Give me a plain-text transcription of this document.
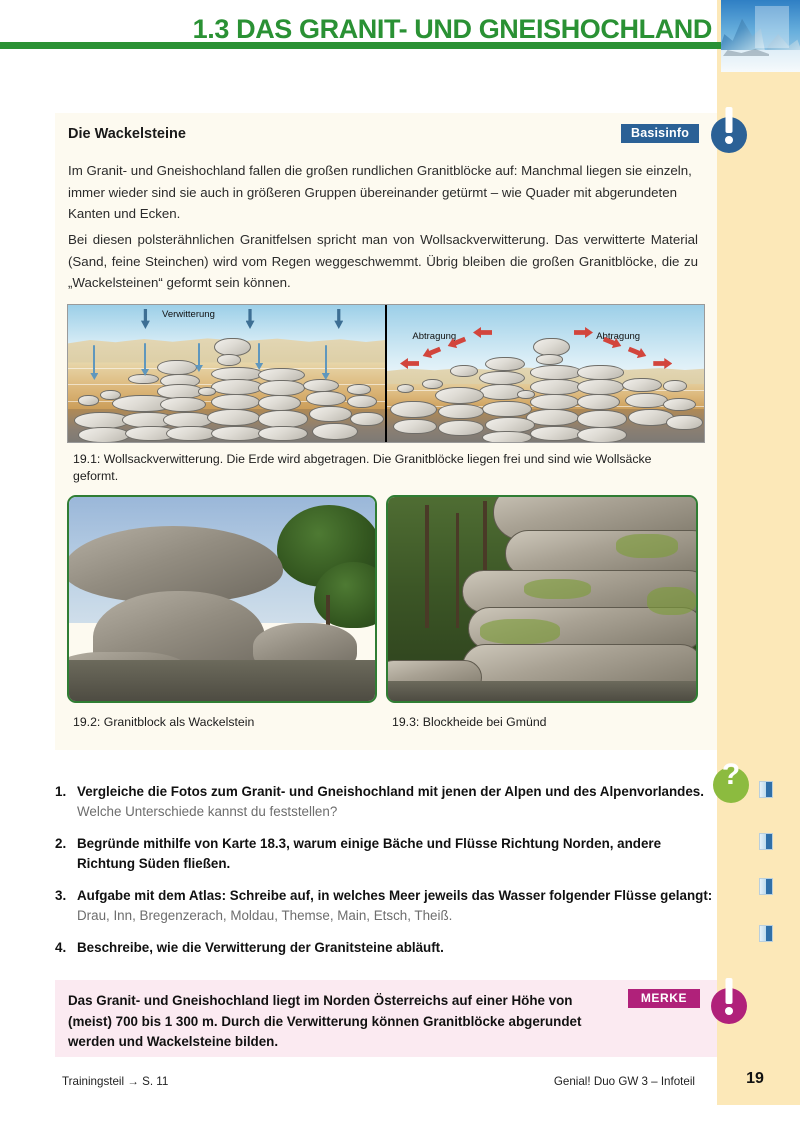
1.3 DAS GRANIT- UND GNEISHOCHLAND
Die Wackelsteine	Basisinfo
Im Granit- und Gneishochland fallen die großen rundlichen Granitblöcke auf: Manchmal liegen sie einzeln, immer wieder sind sie auch in größeren Gruppen übereinander getürmt – wie Quader mit abgerundeten Kanten und Ecken.
Bei diesen polsterähnlichen Granitfelsen spricht man von Wollsackverwitterung. Das verwitterte Material (Sand, feine Steinchen) wird vom Regen weggeschwemmt. Übrig bleiben die großen Granitblöcke, die zu „Wackelsteinen“ geformt sein können.
Verwitterung
Abtragung	Abtragung
19.1: Wollsackverwitterung. Die Erde wird abgetragen. Die Granitblöcke liegen frei und sind wie Wollsäcke geformt.
19.2: Granitblock als Wackelstein	19.3: Blockheide bei Gmünd
1. Vergleiche die Fotos zum Granit- und Gneishochland mit jenen der Alpen und des Alpenvorlandes. Welche Unterschiede kannst du feststellen?
2. Begründe mithilfe von Karte 18.3, warum einige Bäche und Flüsse Richtung Norden, andere Richtung Süden fließen.
3. Aufgabe mit dem Atlas: Schreibe auf, in welches Meer jeweils das Wasser folgender Flüsse gelangt: Drau, Inn, Bregenzerach, Moldau, Themse, Main, Etsch, Theiß.
4. Beschreibe, wie die Verwitterung der Granitsteine abläuft.
Das Granit- und Gneishochland liegt im Norden Österreichs auf einer Höhe von (meist) 700 bis 1 300 m. Durch die Verwitterung können Granitblöcke abgerundet werden und Wackelsteine bilden.
MERKE
?
Trainingsteil → S. 11	Genial! Duo GW 3 – Infoteil	19
